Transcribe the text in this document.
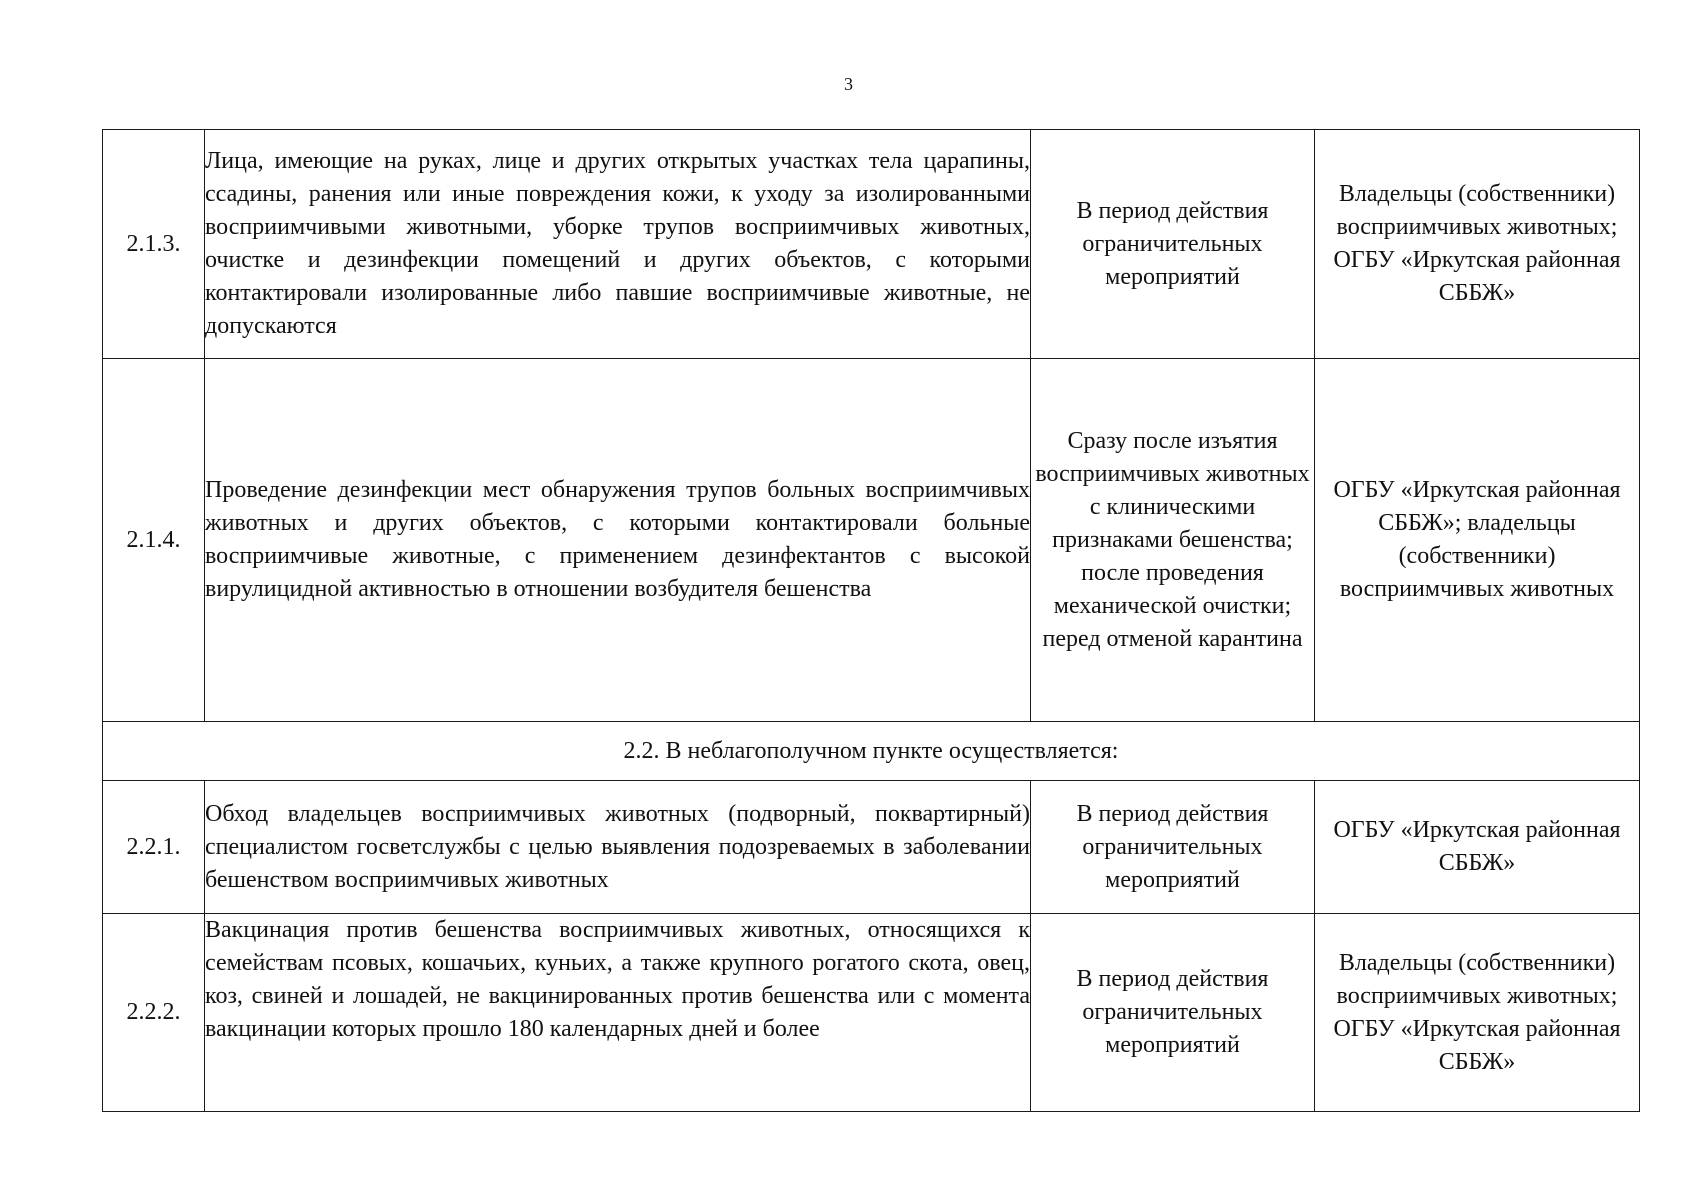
3
2.1.3.	Лица, имеющие на руках, лице и других открытых участках тела царапины, ссадины, ранения или иные повреждения кожи, к уходу за изолированными восприимчивыми животными, уборке трупов восприимчивых животных, очистке и дезинфекции помещений и других объектов, с которыми контактировали изолированные либо павшие восприимчивые животные, не допускаются	В период действия ограничительных мероприятий	Владельцы (собственники) восприимчивых животных; ОГБУ «Иркутская районная СББЖ»
2.1.4.	Проведение дезинфекции мест обнаружения трупов больных восприимчивых животных и других объектов, с которыми контактировали больные восприимчивые животные, с применением дезинфектантов с высокой вирулицидной активностью в отношении возбудителя бешенства	Сразу после изъятия восприимчивых животных с клиническими признаками бешенства; после проведения механической очистки; перед отменой карантина	ОГБУ «Иркутская районная СББЖ»; владельцы (собственники) восприимчивых животных
2.2. В неблагополучном пункте осуществляется:			
2.2.1.	Обход владельцев восприимчивых животных (подворный, поквартирный) специалистом госветслужбы с целью выявления подозреваемых в заболевании бешенством восприимчивых животных	В период действия ограничительных мероприятий	ОГБУ «Иркутская районная СББЖ»
2.2.2.	Вакцинация против бешенства восприимчивых животных, относящихся к семействам псовых, кошачьих, куньих, а также крупного рогатого скота, овец, коз, свиней и лошадей, не вакцинированных против бешенства или с момента вакцинации которых прошло 180 календарных дней и более	В период действия ограничительных мероприятий	Владельцы (собственники) восприимчивых животных; ОГБУ «Иркутская районная СББЖ»
